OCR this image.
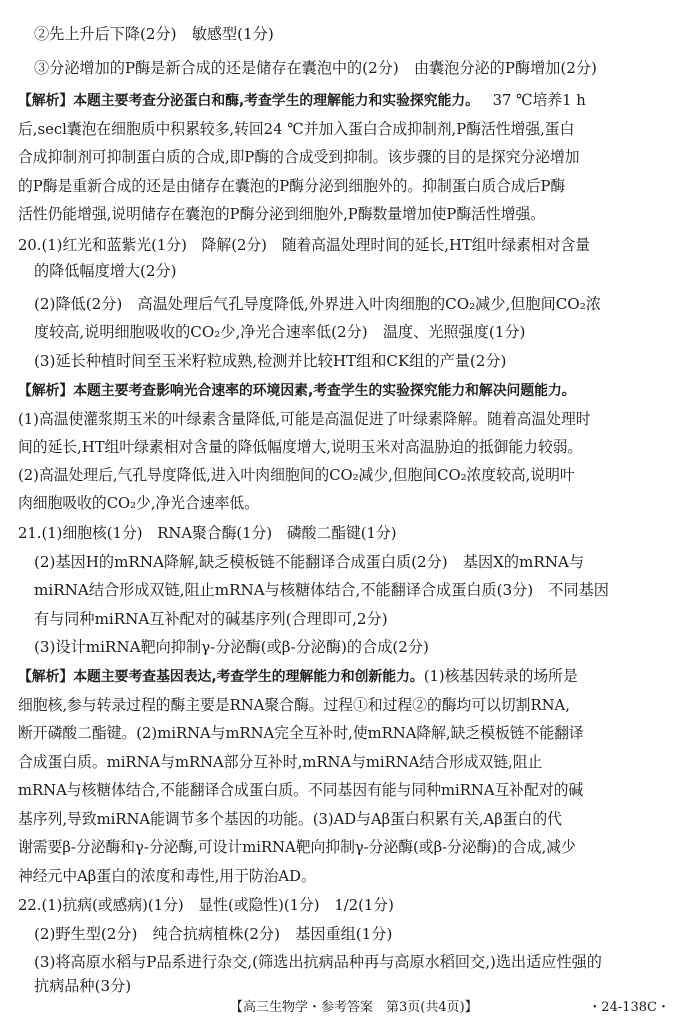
②先上升后下降(2分)　敏感型(1分)
③分泌增加的P酶是新合成的还是储存在囊泡中的(2分)　由囊泡分泌的P酶增加(2分)
【解析】本题主要考查分泌蛋白和酶,考查学生的理解能力和实验探究能力。 37 ℃培养1 h
后,secl囊泡在细胞质中积累较多,转回24 ℃并加入蛋白合成抑制剂,P酶活性增强,蛋白
合成抑制剂可抑制蛋白质的合成,即P酶的合成受到抑制。该步骤的目的是探究分泌增加
的P酶是重新合成的还是由储存在囊泡的P酶分泌到细胞外的。抑制蛋白质合成后P酶
活性仍能增强,说明储存在囊泡的P酶分泌到细胞外,P酶数量增加使P酶活性增强。
20.(1)红光和蓝紫光(1分)　降解(2分)　随着高温处理时间的延长,HT组叶绿素相对含量
的降低幅度增大(2分)
(2)降低(2分)　高温处理后气孔导度降低,外界进入叶肉细胞的CO₂减少,但胞间CO₂浓
度较高,说明细胞吸收的CO₂少,净光合速率低(2分)　温度、光照强度(1分)
(3)延长种植时间至玉米籽粒成熟,检测并比较HT组和CK组的产量(2分)
【解析】本题主要考查影响光合速率的环境因素,考查学生的实验探究能力和解决问题能力。
(1)高温使灌浆期玉米的叶绿素含量降低,可能是高温促进了叶绿素降解。随着高温处理时
间的延长,HT组叶绿素相对含量的降低幅度增大,说明玉米对高温胁迫的抵御能力较弱。
(2)高温处理后,气孔导度降低,进入叶肉细胞间的CO₂减少,但胞间CO₂浓度较高,说明叶
肉细胞吸收的CO₂少,净光合速率低。
21.(1)细胞核(1分)　RNA聚合酶(1分)　磷酸二酯键(1分)
(2)基因H的mRNA降解,缺乏模板链不能翻译合成蛋白质(2分)　基因X的mRNA与
miRNA结合形成双链,阻止mRNA与核糖体结合,不能翻译合成蛋白质(3分)　不同基因
有与同种miRNA互补配对的碱基序列(合理即可,2分)
(3)设计miRNA靶向抑制γ-分泌酶(或β-分泌酶)的合成(2分)
【解析】本题主要考查基因表达,考查学生的理解能力和创新能力。(1)核基因转录的场所是
细胞核,参与转录过程的酶主要是RNA聚合酶。过程①和过程②的酶均可以切割RNA,
断开磷酸二酯键。(2)miRNA与mRNA完全互补时,使mRNA降解,缺乏模板链不能翻译
合成蛋白质。miRNA与mRNA部分互补时,mRNA与miRNA结合形成双链,阻止
mRNA与核糖体结合,不能翻译合成蛋白质。不同基因有能与同种miRNA互补配对的碱
基序列,导致miRNA能调节多个基因的功能。(3)AD与Aβ蛋白积累有关,Aβ蛋白的代
谢需要β-分泌酶和γ-分泌酶,可设计miRNA靶向抑制γ-分泌酶(或β-分泌酶)的合成,减少
神经元中Aβ蛋白的浓度和毒性,用于防治AD。
22.(1)抗病(或感病)(1分)　显性(或隐性)(1分)　1/2(1分)
(2)野生型(2分)　纯合抗病植株(2分)　基因重组(1分)
(3)将高原水稻与P品系进行杂交,(筛选出抗病品种再与高原水稻回交,)选出适应性强的
抗病品种(3分)
【高三生物学・参考答案　第3页(共4页)】	・24-138C・
